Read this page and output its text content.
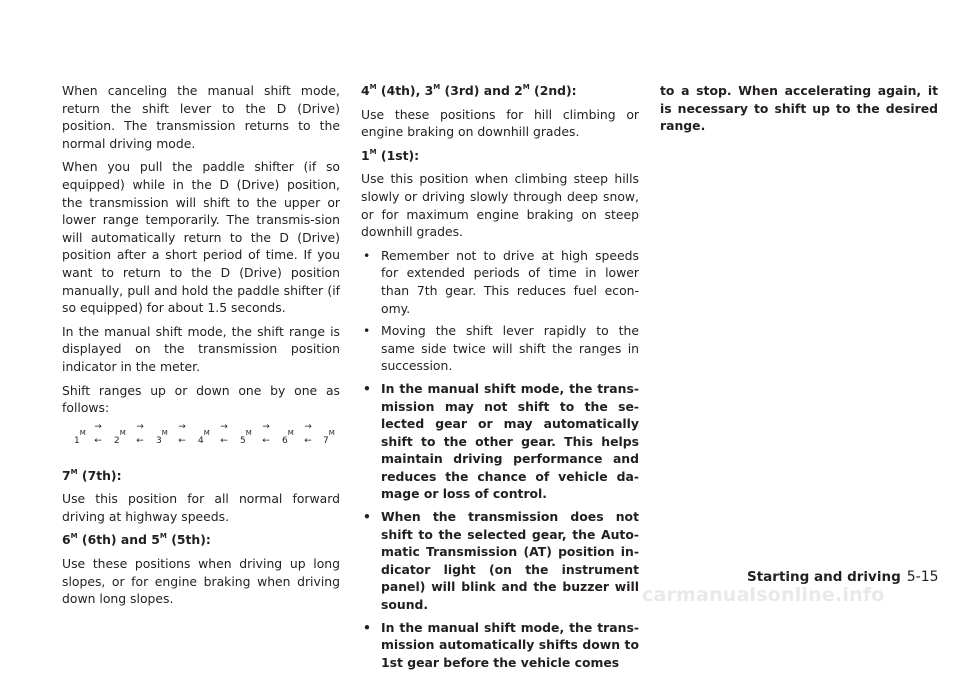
When canceling the manual shift mode, return the shift lever to the D (Drive) position. The transmission returns to the normal driving mode.

When you pull the paddle shifter (if so equipped) while in the D (Drive) position, the transmission will shift to the upper or lower range temporarily. The transmis-sion will automatically return to the D (Drive) position after a short period of time. If you want to return to the D (Drive) position manually, pull and hold the paddle shifter (if so equipped) for about 1.5 seconds.

In the manual shift mode, the shift range is displayed on the transmission position indicator in the meter.

Shift ranges up or down one by one as follows:

$1^M$
→
←	$2^M$
→
←	$3^M$
→
←	$4^M$
→
←	$5^M$
→
←	$6^M$
→
←	$7^M$
$7^M$ (7th):

Use this position for all normal forward driving at highway speeds.

$6^M$ (6th) and $5^M$ (5th):

Use these positions when driving up long slopes, or for engine braking when driving down long slopes.

$4^M$ (4th), $3^M$ (3rd) and $2^M$ (2nd):

Use these positions for hill climbing or engine braking on downhill grades.

$1^M$ (1st):

Use this position when climbing steep hills slowly or driving slowly through deep snow, or for maximum engine braking on steep downhill grades.

• Remember not to drive at high speeds for extended periods of time in lower than 7th gear. This reduces fuel econ-omy.
• Moving the shift lever rapidly to the same side twice will shift the ranges in succession.
• In the manual shift mode, the trans-mission may not shift to the se-lected gear or may automatically shift to the other gear. This helps maintain driving performance and reduces the chance of vehicle da-mage or loss of control.
• When the transmission does not shift to the selected gear, the Auto-matic Transmission (AT) position in-dicator light (on the instrument panel) will blink and the buzzer will sound.
• In the manual shift mode, the trans-mission automatically shifts down to 1st gear before the vehicle comes

to a stop. When accelerating again, it is necessary to shift up to the desired range.

Starting and driving 5-15
carmanualsonline.info
